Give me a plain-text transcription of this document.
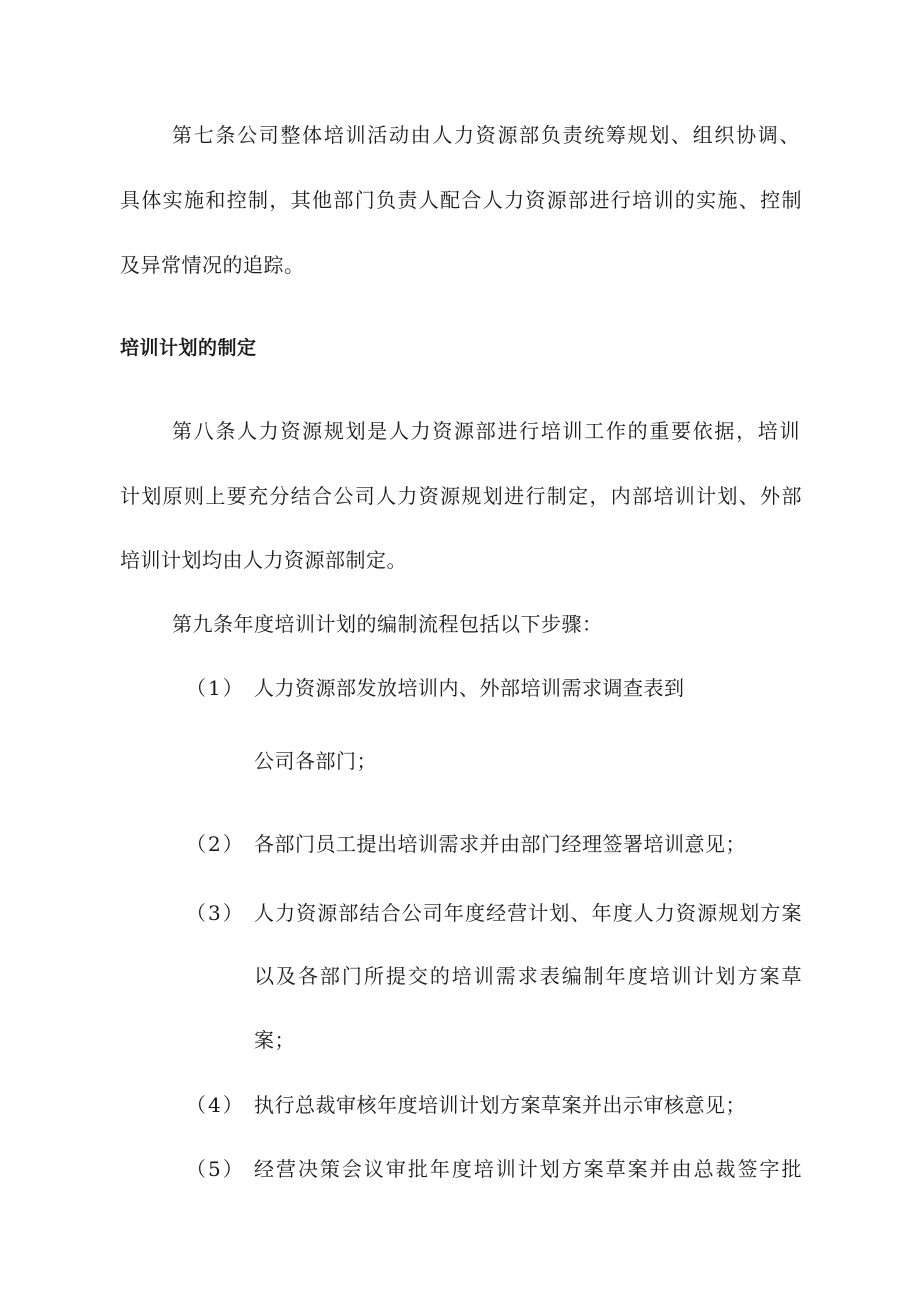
第七条公司整体培训活动由人力资源部负责统筹规划、组织协调、
具体实施和控制，其他部门负责人配合人力资源部进行培训的实施、控制
及异常情况的追踪。
培训计划的制定
第八条人力资源规划是人力资源部进行培训工作的重要依据，培训
计划原则上要充分结合公司人力资源规划进行制定，内部培训计划、外部
培训计划均由人力资源部制定。
第九条年度培训计划的编制流程包括以下步骤：
（1） 人力资源部发放培训内、外部培训需求调查表到
公司各部门；
（2） 各部门员工提出培训需求并由部门经理签署培训意见；
（3） 人力资源部结合公司年度经营计划、年度人力资源规划方案
以及各部门所提交的培训需求表编制年度培训计划方案草
案；
（4） 执行总裁审核年度培训计划方案草案并出示审核意见；
（5） 经营决策会议审批年度培训计划方案草案并由总裁签字批
